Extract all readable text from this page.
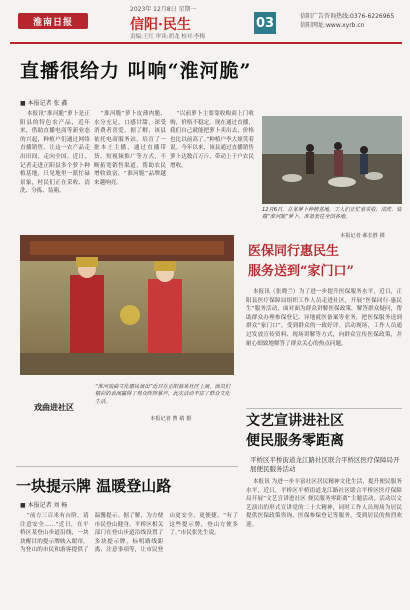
2023年 12月8日 星期一
淮南日报	信阳·民生	03	信阳广告咨询热线:0376-6226965
信阳网址:www.xyrb.cn
责编:王红 审读:胡龙 校对:李梅
直播很给力 叫响“淮河脆”
■ 本报记者 张 鑫

本报讯“淮河脆”萝卜是正阳县的特色农产品，近年来，借助直播电商等新业态的兴起，种植户们通过网络直播销售，让这一农产品走出田间，走向全国。近日，记者走进正阳县多个萝卜种植基地，只见地里一派忙碌景象，村民们正在采收、清洗、分拣、装箱。

“淮河脆”萝卜皮薄肉脆、水分充足，口感甘甜，深受消费者喜爱。据了解，该县依托电商服务站，培育了一批本土主播，通过直播带货、短视频推广等方式，不断拓宽销售渠道，帮助农民增收致富，“淮河脆”品牌越来越响亮。

“以前萝卜主要靠收购商上门收购，价格不稳定。现在通过直播，我们自己就能把萝卜卖出去，价格也比以前高了。”种植户李大姐笑着说。今年以来，该县通过直播销售萝卜达数百万斤，带动上千户农民增收。

12月6日，在某萝卜种植基地，工人们正忙着采收、清洗、装箱“淮河脆”萝卜，准备发往全国各地。
本报记者 郝长胜 摄
“淮河戏曲文化惠民演出”近日在正阳县某社区上演，演员们精彩的表演赢得了观众阵阵掌声，此次活动丰富了群众文化生活。
本报记者 曹 婧 摄
戏曲进社区
医保同行惠民生
服务送到“家门口”

本报讯（张晓兰）为了进一步提升医保服务水平，近日，正阳县医疗保障局组织工作人员走进社区，开展“医保同行·惠民生”服务活动，面对面为群众讲解医保政策，解答群众疑问，帮助群众办理参保登记、异地就医备案等业务，把医保服务送到群众“家门口”，受到群众的一致好评。活动现场，工作人员通过发放宣传资料、现场讲解等方式，向群众宣传医保政策，并耐心细致地解答了群众关心的热点问题。

文艺宣讲进社区
便民服务零距离
平桥区平桥街道龙江路社区联合平桥区医疗保障局开展便民服务活动

本报讯 为进一步丰富社区居民精神文化生活，提升便民服务水平，近日，平桥区平桥街道龙江路社区联合平桥区医疗保障局开展“文艺宣讲进社区 便民服务零距离”主题活动。活动以文艺演出的形式宣讲党的二十大精神，同时工作人员现场为居民提供医保政策咨询、医保参保登记等服务，受到居民的热烈欢迎。

一块提示牌 温暖登山路
■ 本报记者 刘 畅

“前方三百米有台阶，请注意安全……”近日，在平桥区某登山步道沿线，一块块醒目的提示牌映入眼帘，为登山的市民和游客提供了温馨提示。据了解，为方便市民登山健身，平桥区相关部门在登山步道沿线设置了多块提示牌，标明路线距离、注意事项等，让市民登山更安全、更便捷。“有了这些提示牌，登山方便多了。”市民张先生说。
